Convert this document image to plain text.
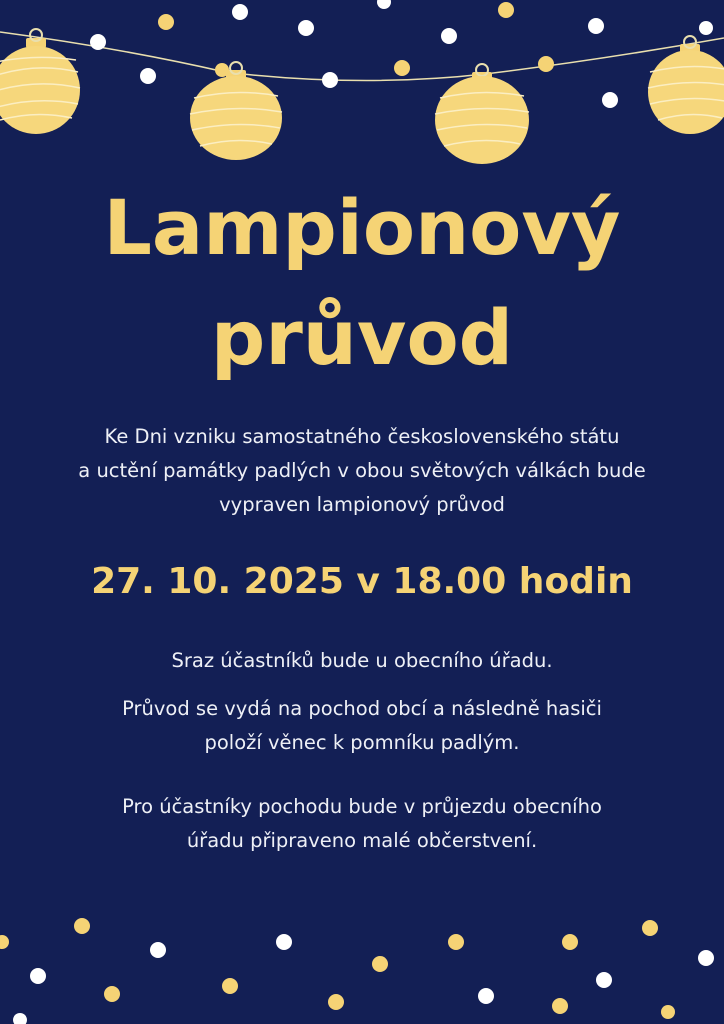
Lampionový
průvod
Ke Dni vzniku samostatného československého státu
a uctění památky padlých v obou světových válkách bude
vypraven lampionový průvod
27. 10. 2025 v 18.00 hodin
Sraz účastníků bude u obecního úřadu.
Průvod se vydá na pochod obcí a následně hasiči
položí věnec k pomníku padlým.
Pro účastníky pochodu bude v průjezdu obecního
úřadu připraveno malé občerstvení.
